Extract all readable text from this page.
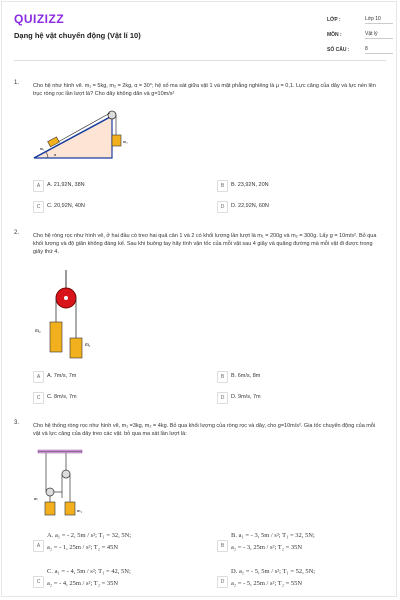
QUIZIZZ
Dạng hệ vật chuyển động (Vật lí 10)
LỚP :	Lớp 10
MÔN :	Vật lý
SỐ CÂU :	8
1.	Cho hệ như hình vẽ. m₁ = 5kg, m₂ = 2kg, α = 30°; hệ số ma sát giữa vật 1 và mặt phẳng nghiêng là μ = 0,1. Lực căng của dây và lực nén lên trục ròng rọc lần lượt là? Cho dây không dãn và g=10m/s²
m₁
α
m₂
A	A. 21,92N, 38N	B	B. 23,92N, 20N
C	C. 20,92N, 40N	D	D. 22,92N, 60N
2.	Cho hệ ròng rọc như hình vẽ, ở hai đầu có treo hai quả cân 1 và 2 có khối lượng lần lượt là m₁ = 200g và m₂ = 300g. Lấy g = 10m/s². Bỏ qua khối lượng và độ giãn không đáng kể. Sau khi buông tay hãy tính vận tốc của mỗi vật sau 4 giây và quãng đường mà mỗi vật đi được trong giây thứ 4.
m₂
m₁
A	A. 7m/s, 7m	B	B. 6m/s, 8m
C	C. 8m/s, 7m	D	D. 9m/s, 7m
3.	Cho hệ thống ròng rọc như hình vẽ, m₁ =3kg, m₂ = 4kg. Bỏ qua khối lượng của ròng rọc và dây, cho g=10m/s². Gia tốc chuyển động của mỗi vật và lực căng của dây treo các vật. bỏ qua ma sát lần lượt là:
m
m₁
A
A. a₁ = - 2, 5m / s²; T₁ = 32, 5N;
a₂ = - 1, 25m / s²; T₂ = 45N	B
B. a₁ = - 3, 5m / s²; T₁ = 32, 5N;
a₂ = - 3, 25m / s²; T₂ = 35N
C
C. a₁ = - 4, 5m / s²; T₁ = 42, 5N;
a₂ = - 4, 25m / s²; T₂ = 35N	D
D. a₁ = - 5, 5m / s²; T₁ = 52, 5N;
a₂ = - 5, 25m / s²; T₂ = 55N
